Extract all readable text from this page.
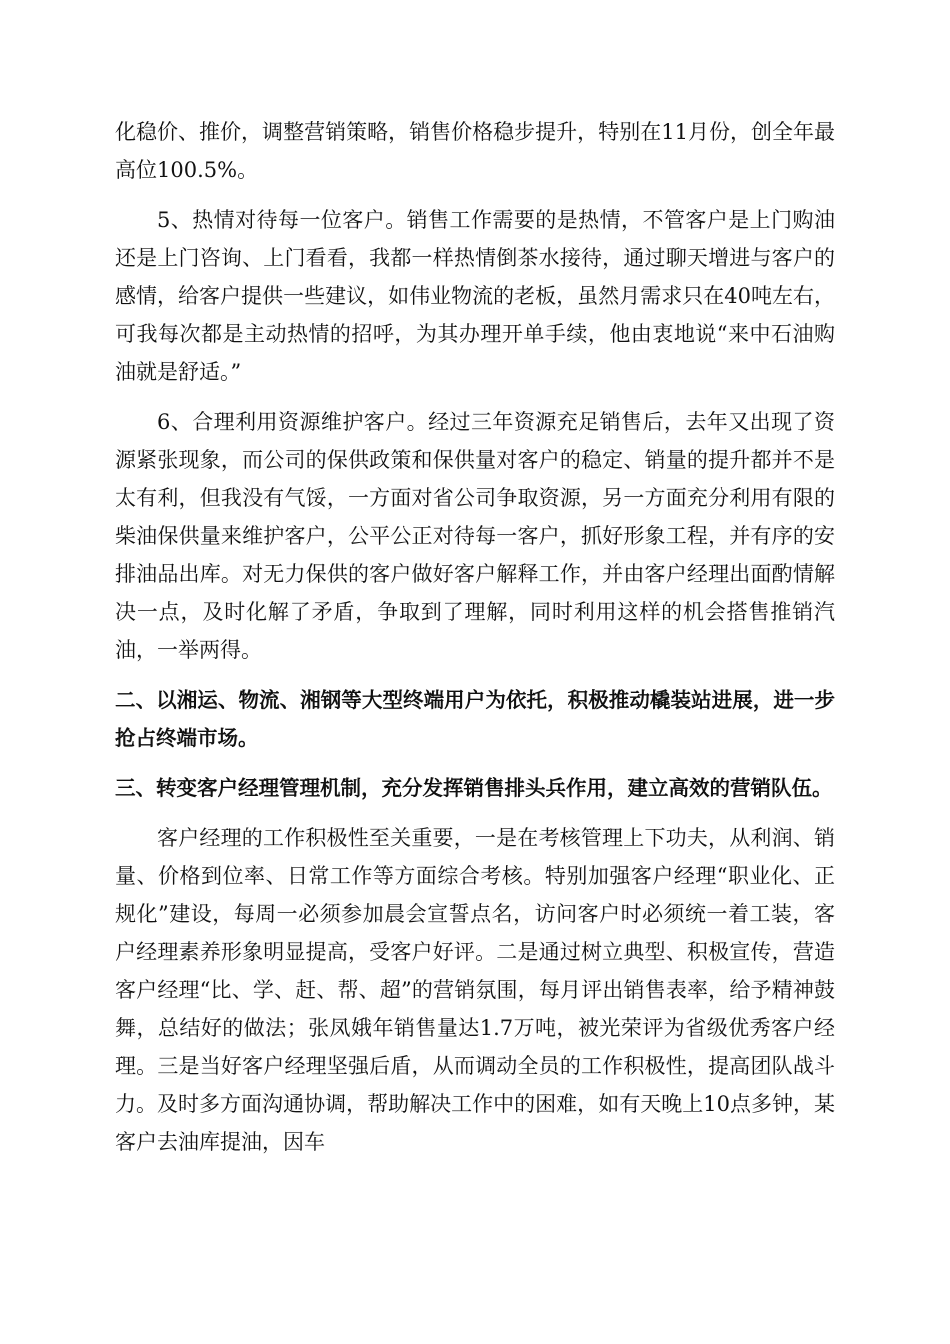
化稳价、推价，调整营销策略，销售价格稳步提升，特别在11月份，创全年最高位100.5%。

5、热情对待每一位客户。销售工作需要的是热情，不管客户是上门购油还是上门咨询、上门看看，我都一样热情倒茶水接待，通过聊天增进与客户的感情，给客户提供一些建议，如伟业物流的老板，虽然月需求只在40吨左右，可我每次都是主动热情的招呼，为其办理开单手续，他由衷地说“来中石油购油就是舒适。”

6、合理利用资源维护客户。经过三年资源充足销售后，去年又出现了资源紧张现象，而公司的保供政策和保供量对客户的稳定、销量的提升都并不是太有利，但我没有气馁，一方面对省公司争取资源，另一方面充分利用有限的柴油保供量来维护客户，公平公正对待每一客户，抓好形象工程，并有序的安排油品出库。对无力保供的客户做好客户解释工作，并由客户经理出面酌情解决一点，及时化解了矛盾，争取到了理解，同时利用这样的机会搭售推销汽油，一举两得。

二、以湘运、物流、湘钢等大型终端用户为依托，积极推动橇装站进展，进一步抢占终端市场。

三、转变客户经理管理机制，充分发挥销售排头兵作用，建立高效的营销队伍。

客户经理的工作积极性至关重要，一是在考核管理上下功夫，从利润、销量、价格到位率、日常工作等方面综合考核。特别加强客户经理“职业化、正规化”建设，每周一必须参加晨会宣誓点名，访问客户时必须统一着工装，客户经理素养形象明显提高，受客户好评。二是通过树立典型、积极宣传，营造客户经理“比、学、赶、帮、超”的营销氛围，每月评出销售表率，给予精神鼓舞，总结好的做法；张凤娥年销售量达1.7万吨，被光荣评为省级优秀客户经理。三是当好客户经理坚强后盾，从而调动全员的工作积极性，提高团队战斗力。及时多方面沟通协调，帮助解决工作中的困难，如有天晚上10点多钟，某客户去油库提油，因车
